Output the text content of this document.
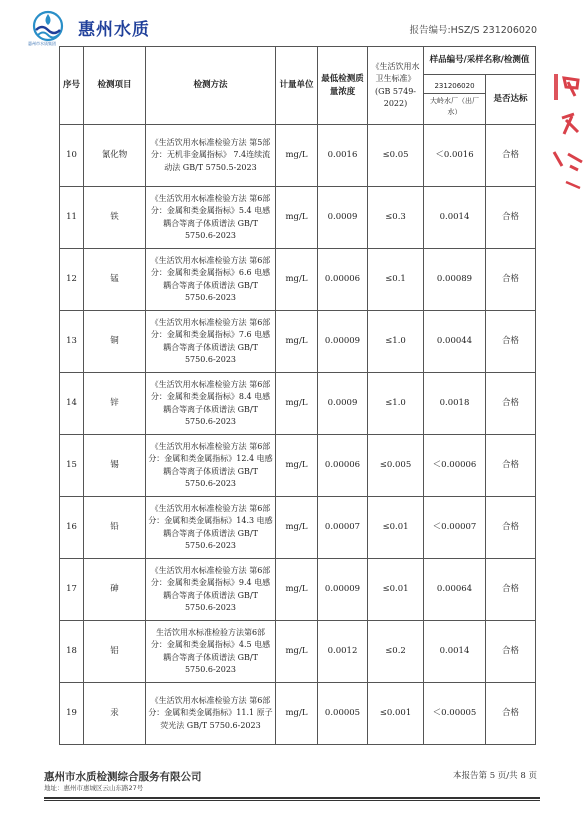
惠州市水质集团
惠州水质	报告编号:HSZ/S 231206020
序号	检测项目	检测方法	计量单位	最低检测质量浓度	《生活饮用水卫生标准》(GB 5749-2022)	样品编号/采样名称/检测值	

						231206020
大岭水厂（出厂水）	是否达标
10	氰化物	《生活饮用水标准检验方法 第5部分：无机非金属指标》 7.4连续流动法 GB/T 5750.5-2023	mg/L	0.0016	≤0.05	＜0.0016	合格
11	铁	《生活饮用水标准检验方法 第6部分：金属和类金属指标》5.4 电感耦合等离子体质谱法 GB/T 5750.6-2023	mg/L	0.0009	≤0.3	0.0014	合格
12	锰	《生活饮用水标准检验方法 第6部分：金属和类金属指标》6.6 电感耦合等离子体质谱法 GB/T 5750.6-2023	mg/L	0.00006	≤0.1	0.00089	合格
13	铜	《生活饮用水标准检验方法 第6部分：金属和类金属指标》7.6 电感耦合等离子体质谱法 GB/T 5750.6-2023	mg/L	0.00009	≤1.0	0.00044	合格
14	锌	《生活饮用水标准检验方法 第6部分：金属和类金属指标》8.4 电感耦合等离子体质谱法 GB/T 5750.6-2023	mg/L	0.0009	≤1.0	0.0018	合格
15	锡	《生活饮用水标准检验方法 第6部分：金属和类金属指标》12.4 电感耦合等离子体质谱法 GB/T 5750.6-2023	mg/L	0.00006	≤0.005	＜0.00006	合格
16	铅	《生活饮用水标准检验方法 第6部分：金属和类金属指标》14.3 电感耦合等离子体质谱法 GB/T 5750.6-2023	mg/L	0.00007	≤0.01	＜0.00007	合格
17	砷	《生活饮用水标准检验方法 第6部分：金属和类金属指标》9.4 电感耦合等离子体质谱法 GB/T 5750.6-2023	mg/L	0.00009	≤0.01	0.00064	合格
18	铝	生活饮用水标准检验方法第6部分：金属和类金属指标》4.5 电感耦合等离子体质谱法 GB/T 5750.6-2023	mg/L	0.0012	≤0.2	0.0014	合格
19	汞	《生活饮用水标准检验方法 第6部分：金属和类金属指标》11.1 原子荧光法 GB/T 5750.6-2023	mg/L	0.00005	≤0.001	＜0.00005	合格
惠州市水质检测综合服务有限公司
地址：惠州市惠城区云山东路27号
本报告第 5 页/共 8 页
